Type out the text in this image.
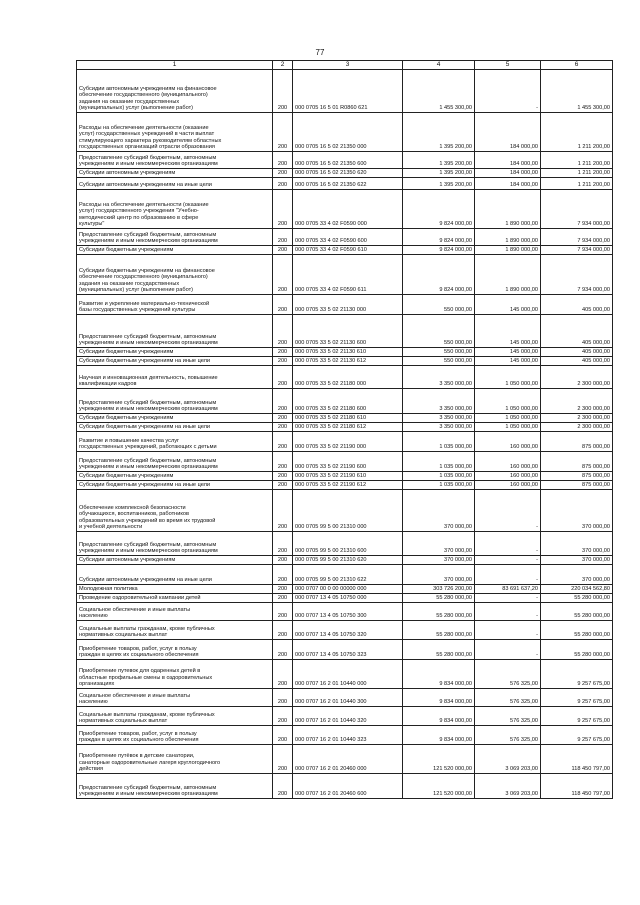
77
1	2	3	4	5	6
Субсидии автономным учреждениям на финансовое
обеспечение государственного (муниципального)
задания на оказание государственных
(муниципальных) услуг (выполнение работ)	200	000 0705 16 5 01 R0860 621	1 455 300,00	-	1 455 300,00
Расходы на обеспечение деятельности (оказание
услуг) государственных учреждений в части выплат
стимулирующего характера руководителям областных
государственных организаций отрасли образования	200	000 0705 16 5 02 21350 000	1 395 200,00	184 000,00	1 211 200,00
Предоставление субсидий бюджетным, автономным
учреждениям и иным некоммерческим организациям	200	000 0705 16 5 02 21350 600	1 395 200,00	184 000,00	1 211 200,00
Субсидии автономным учреждениям	200	000 0705 16 5 02 21350 620	1 395 200,00	184 000,00	1 211 200,00
Субсидии автономным учреждениям на иные цели	200	000 0705 16 5 02 21350 622	1 395 200,00	184 000,00	1 211 200,00
Расходы на обеспечение деятельности (оказание
услуг) государственного учреждения "Учебно-
методический центр по образованию в сфере
культуры"	200	000 0705 33 4 02 F0590 000	9 824 000,00	1 890 000,00	7 934 000,00
Предоставление субсидий бюджетным, автономным
учреждениям и иным некоммерческим организациям	200	000 0705 33 4 02 F0590 600	9 824 000,00	1 890 000,00	7 934 000,00
Субсидии бюджетным учреждениям	200	000 0705 33 4 02 F0590 610	9 824 000,00	1 890 000,00	7 934 000,00
Субсидии бюджетным учреждениям на финансовое
обеспечение государственного (муниципального)
задания на оказание государственных
(муниципальных) услуг (выполнение работ)	200	000 0705 33 4 02 F0590 611	9 824 000,00	1 890 000,00	7 934 000,00
Развитие и укрепление материально-технической
базы государственных учреждений культуры	200	000 0705 33 5 02 21130 000	550 000,00	145 000,00	405 000,00
Предоставление субсидий бюджетным, автономным
учреждениям и иным некоммерческим организациям	200	000 0705 33 5 02 21130 600	550 000,00	145 000,00	405 000,00
Субсидии бюджетным учреждениям	200	000 0705 33 5 02 21130 610	550 000,00	145 000,00	405 000,00
Субсидии бюджетным учреждениям на иные цели	200	000 0705 33 5 02 21130 612	550 000,00	145 000,00	405 000,00
Научная и инновационная деятельность, повышение
квалификации кадров	200	000 0705 33 5 02 21180 000	3 350 000,00	1 050 000,00	2 300 000,00
Предоставление субсидий бюджетным, автономным
учреждениям и иным некоммерческим организациям	200	000 0705 33 5 02 21180 600	3 350 000,00	1 050 000,00	2 300 000,00
Субсидии бюджетным учреждениям	200	000 0705 33 5 02 21180 610	3 350 000,00	1 050 000,00	2 300 000,00
Субсидии бюджетным учреждениям на иные цели	200	000 0705 33 5 02 21180 612	3 350 000,00	1 050 000,00	2 300 000,00
Развитие и повышение качества услуг
государственных учреждений, работающих с детьми	200	000 0705 33 5 02 21190 000	1 035 000,00	160 000,00	875 000,00
Предоставление субсидий бюджетным, автономным
учреждениям и иным некоммерческим организациям	200	000 0705 33 5 02 21190 600	1 035 000,00	160 000,00	875 000,00
Субсидии бюджетным учреждениям	200	000 0705 33 5 02 21190 610	1 035 000,00	160 000,00	875 000,00
Субсидии бюджетным учреждениям на иные цели	200	000 0705 33 5 02 21190 612	1 035 000,00	160 000,00	875 000,00
Обеспечение комплексной безопасности
обучающихся, воспитанников, работников
образовательных учреждений во время их трудовой
и учебной деятельности	200	000 0705 99 5 00 21310 000	370 000,00	-	370 000,00
Предоставление субсидий бюджетным, автономным
учреждениям и иным некоммерческим организациям	200	000 0705 99 5 00 21310 600	370 000,00	-	370 000,00
Субсидии автономным учреждениям	200	000 0705 99 5 00 21310 620	370 000,00	-	370 000,00
Субсидии автономным учреждениям на иные цели	200	000 0705 99 5 00 21310 622	370 000,00	-	370 000,00
Молодежная политика	200	000 0707 00 0 00 00000 000	303 726 200,00	83 691 637,20	220 034 562,80
Проведение оздоровительной кампании детей	200	000 0707 13 4 05 10750 000	55 280 000,00	-	55 280 000,00
Социальное обеспечение и иные выплаты
населению	200	000 0707 13 4 05 10750 300	55 280 000,00	-	55 280 000,00
Социальные выплаты гражданам, кроме публичных
нормативных социальных выплат	200	000 0707 13 4 05 10750 320	55 280 000,00	-	55 280 000,00
Приобретение товаров, работ, услуг в пользу
граждан в целях их социального обеспечения	200	000 0707 13 4 05 10750 323	55 280 000,00	-	55 280 000,00
Приобретение путевок для одаренных детей в
областные профильные смены в оздоровительных
организациях	200	000 0707 16 2 01 10440 000	9 834 000,00	576 325,00	9 257 675,00
Социальное обеспечение и иные выплаты
населению	200	000 0707 16 2 01 10440 300	9 834 000,00	576 325,00	9 257 675,00
Социальные выплаты гражданам, кроме публичных
нормативных социальных выплат	200	000 0707 16 2 01 10440 320	9 834 000,00	576 325,00	9 257 675,00
Приобретение товаров, работ, услуг в пользу
граждан в целях их социального обеспечения	200	000 0707 16 2 01 10440 323	9 834 000,00	576 325,00	9 257 675,00
Приобретение путёвок в детские санатории,
санаторные оздоровительные лагеря круглогодичного
действия	200	000 0707 16 2 01 20460 000	121 520 000,00	3 069 203,00	118 450 797,00
Предоставление субсидий бюджетным, автономным
учреждениям и иным некоммерческим организациям	200	000 0707 16 2 01 20460 600	121 520 000,00	3 069 203,00	118 450 797,00
